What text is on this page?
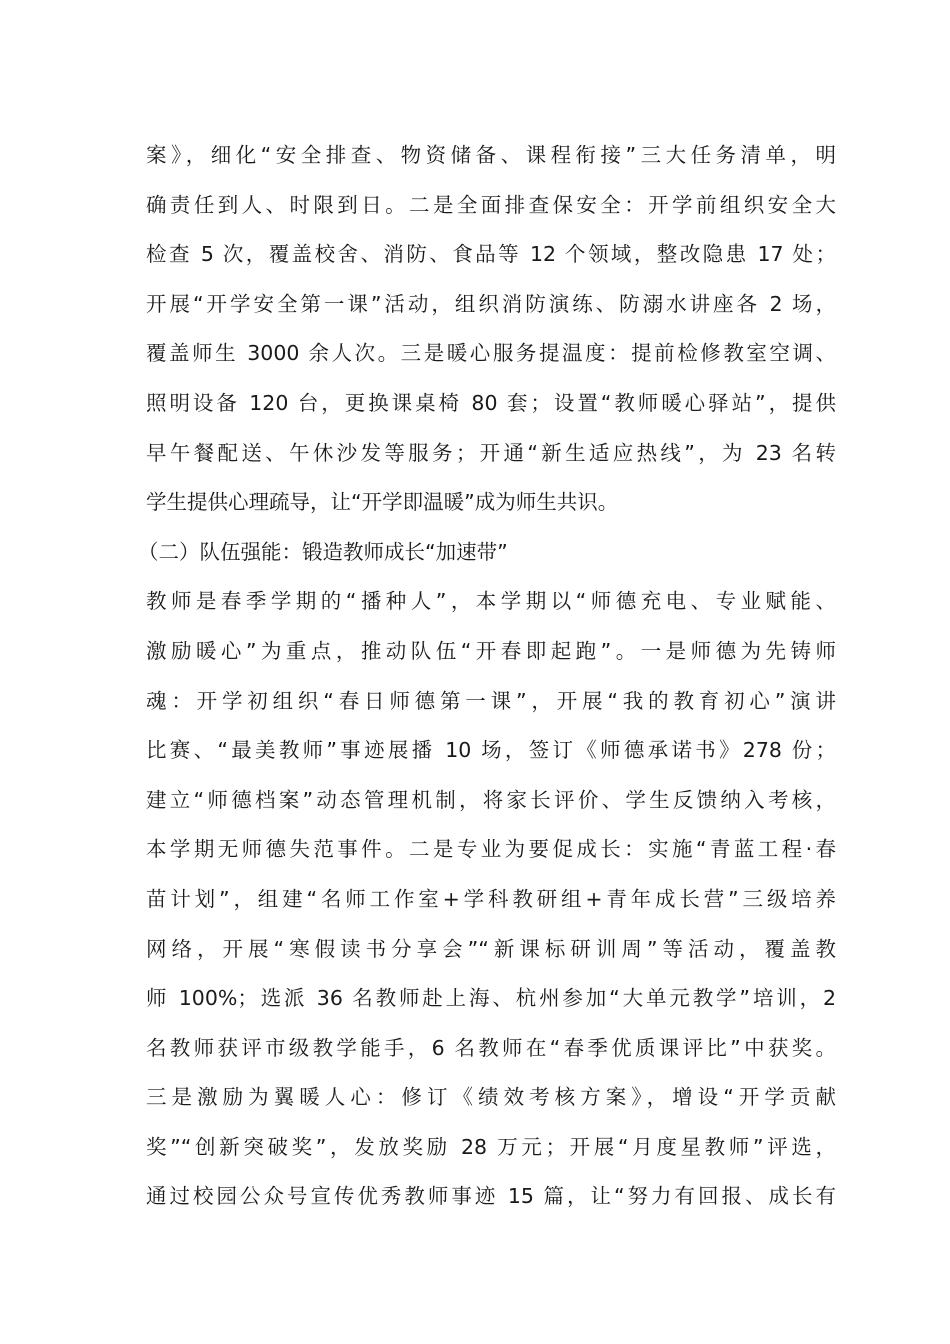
案》，细化“安全排查、物资储备、课程衔接”三大任务清单，明
确责任到人、时限到日。二是全面排查保安全：开学前组织安全大
检查 5 次，覆盖校舍、消防、食品等 12 个领域，整改隐患 17 处；
开展“开学安全第一课”活动，组织消防演练、防溺水讲座各 2 场，
覆盖师生 3000 余人次。三是暖心服务提温度：提前检修教室空调、
照明设备 120 台，更换课桌椅 80 套；设置“教师暖心驿站”，提供
早午餐配送、午休沙发等服务；开通“新生适应热线”，为 23 名转
学生提供心理疏导，让“开学即温暖”成为师生共识。
（二）队伍强能：锻造教师成长“加速带”
教师是春季学期的“播种人”，本学期以“师德充电、专业赋能、
激励暖心”为重点，推动队伍“开春即起跑”。一是师德为先铸师
魂：开学初组织“春日师德第一课”，开展“我的教育初心”演讲
比赛、“最美教师”事迹展播 10 场，签订《师德承诺书》278 份；
建立“师德档案”动态管理机制，将家长评价、学生反馈纳入考核，
本学期无师德失范事件。二是专业为要促成长：实施“青蓝工程·春
苗计划”，组建“名师工作室+学科教研组+青年成长营”三级培养
网络，开展“寒假读书分享会”“新课标研训周”等活动，覆盖教
师 100%；选派 36 名教师赴上海、杭州参加“大单元教学”培训，2
名教师获评市级教学能手，6 名教师在“春季优质课评比”中获奖。
三是激励为翼暖人心：修订《绩效考核方案》，增设“开学贡献
奖”“创新突破奖”，发放奖励 28 万元；开展“月度星教师”评选，
通过校园公众号宣传优秀教师事迹 15 篇，让“努力有回报、成长有
